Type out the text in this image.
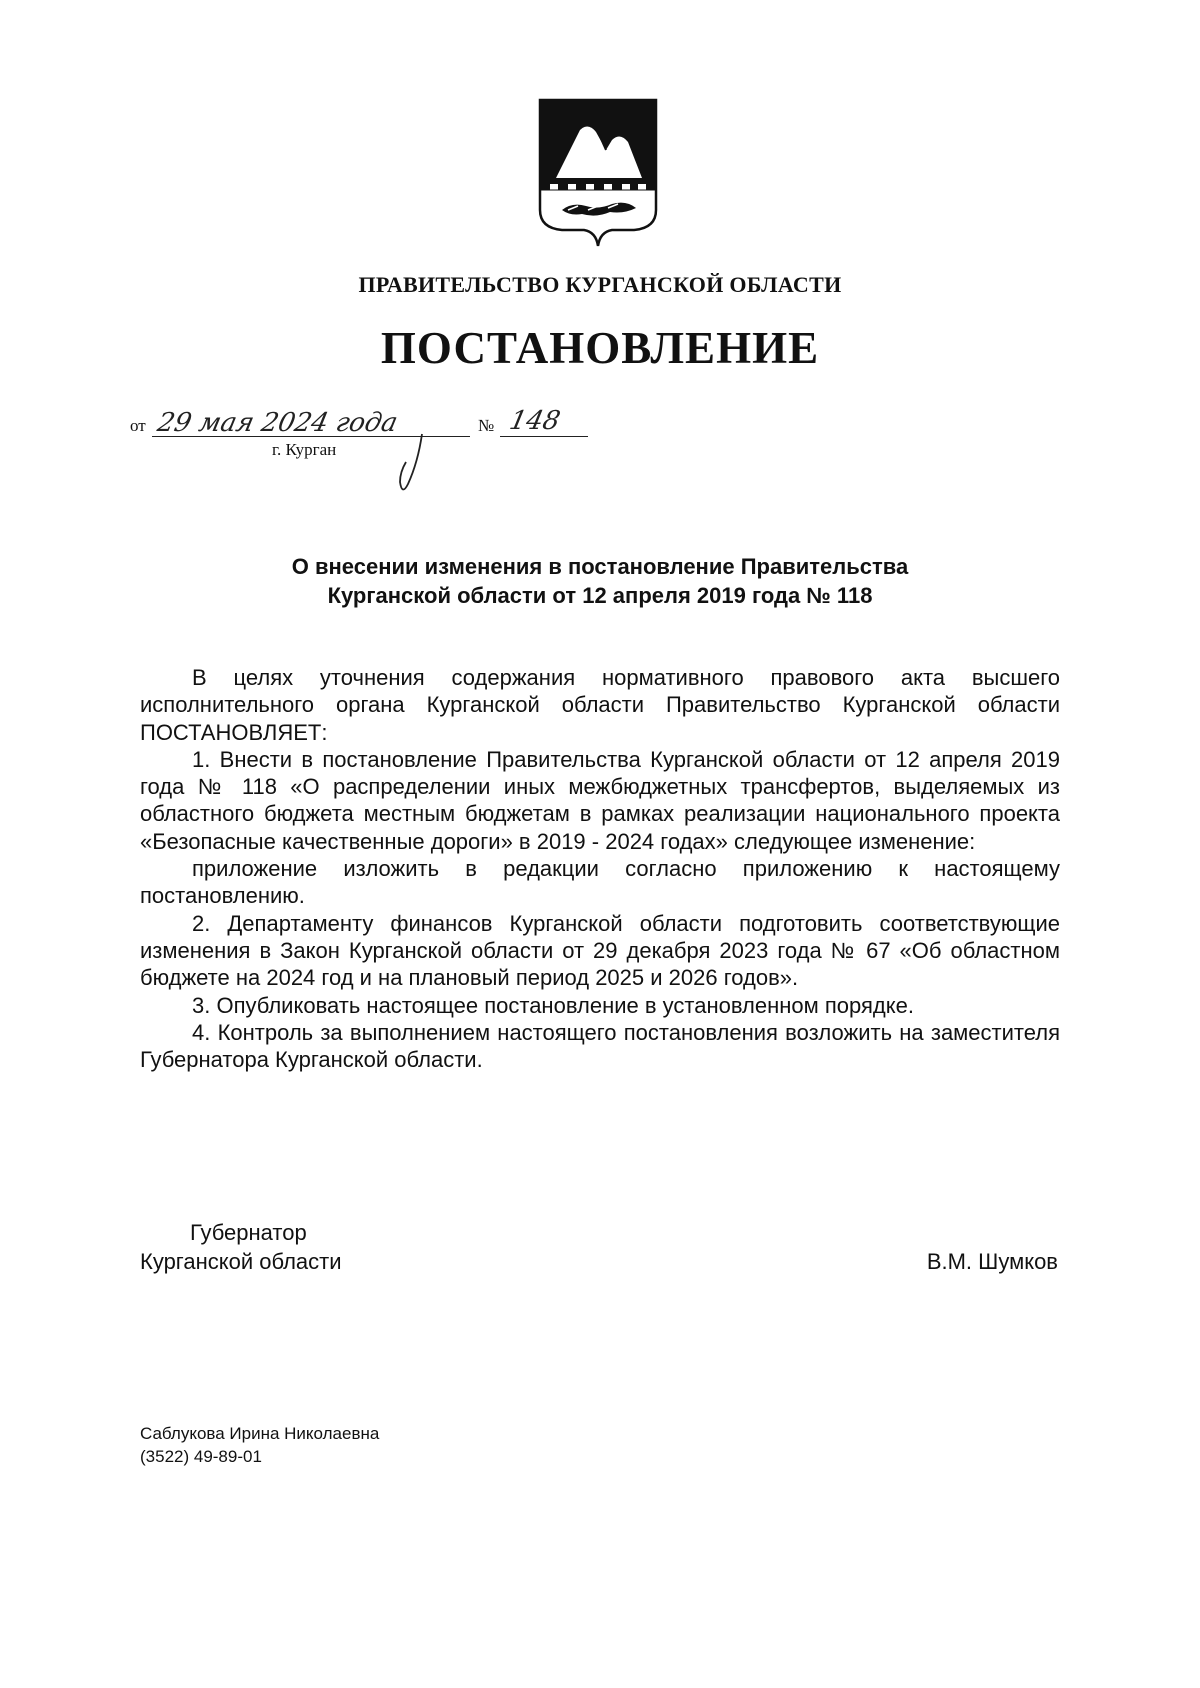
ПРАВИТЕЛЬСТВО КУРГАНСКОЙ ОБЛАСТИ
ПОСТАНОВЛЕНИЕ
от 29 мая 2024 года	№ 148
г. Курган
О внесении изменения в постановление Правительства
Курганской области от 12 апреля 2019 года № 118

В целях уточнения содержания нормативного правового акта высшего исполнительного органа Курганской области Правительство Курганской области ПОСТАНОВЛЯЕТ:

1. Внести в постановление Правительства Курганской области от 12 апреля 2019 года № 118 «О распределении иных межбюджетных трансфертов, выделяемых из областного бюджета местным бюджетам в рамках реализации национального проекта «Безопасные качественные дороги» в 2019 - 2024 годах» следующее изменение:

приложение изложить в редакции согласно приложению к настоящему постановлению.

2. Департаменту финансов Курганской области подготовить соответствующие изменения в Закон Курганской области от 29 декабря 2023 года № 67 «Об областном бюджете на 2024 год и на плановый период 2025 и 2026 годов».

3. Опубликовать настоящее постановление в установленном порядке.

4. Контроль за выполнением настоящего постановления возложить на заместителя Губернатора Курганской области.

Губернатор
Курганской области	В.М. Шумков
Саблукова Ирина Николаевна
(3522) 49-89-01
